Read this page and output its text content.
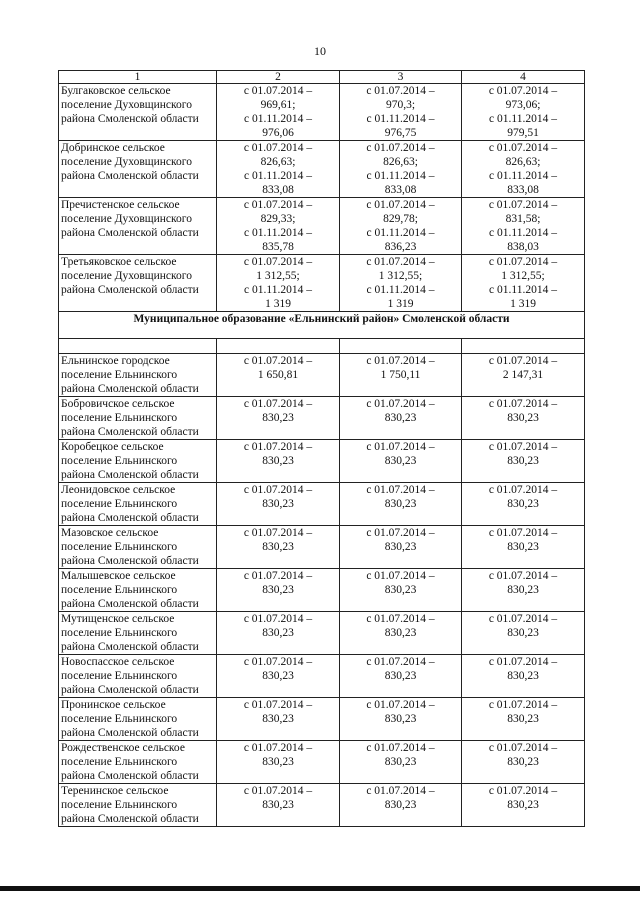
10
1	2	3	4

Булгаковское сельское
поселение Духовщинского
района Смоленской области	с 01.07.2014 –
969,61;
с 01.11.2014 –
976,06	с 01.07.2014 –
970,3;
с 01.11.2014 –
976,75	с 01.07.2014 –
973,06;
с 01.11.2014 –
979,51

Добринское сельское
поселение Духовщинского
района Смоленской области	с 01.07.2014 –
826,63;
с 01.11.2014 –
833,08	с 01.07.2014 –
826,63;
с 01.11.2014 –
833,08	с 01.07.2014 –
826,63;
с 01.11.2014 –
833,08

Пречистенское сельское
поселение Духовщинского
района Смоленской области	с 01.07.2014 –
829,33;
с 01.11.2014 –
835,78	с 01.07.2014 –
829,78;
с 01.11.2014 –
836,23	с 01.07.2014 –
831,58;
с 01.11.2014 –
838,03

Третьяковское сельское
поселение Духовщинского
района Смоленской области	с 01.07.2014 –
1 312,55;
с 01.11.2014 –
1 319	с 01.07.2014 –
1 312,55;
с 01.11.2014 –
1 319	с 01.07.2014 –
1 312,55;
с 01.11.2014 –
1 319

Муниципальное образование «Ельнинский район» Смоленской области			

Ельнинское городское
поселение Ельнинского
района Смоленской области	с 01.07.2014 –
1 650,81	с 01.07.2014 –
1 750,11	с 01.07.2014 –
2 147,31

Бобровичское сельское
поселение Ельнинского
района Смоленской области	с 01.07.2014 –
830,23	с 01.07.2014 –
830,23	с 01.07.2014 –
830,23

Коробецкое сельское
поселение Ельнинского
района Смоленской области	с 01.07.2014 –
830,23	с 01.07.2014 –
830,23	с 01.07.2014 –
830,23

Леонидовское сельское
поселение Ельнинского
района Смоленской области	с 01.07.2014 –
830,23	с 01.07.2014 –
830,23	с 01.07.2014 –
830,23

Мазовское сельское
поселение Ельнинского
района Смоленской области	с 01.07.2014 –
830,23	с 01.07.2014 –
830,23	с 01.07.2014 –
830,23

Малышевское сельское
поселение Ельнинского
района Смоленской области	с 01.07.2014 –
830,23	с 01.07.2014 –
830,23	с 01.07.2014 –
830,23

Мутищенское сельское
поселение Ельнинского
района Смоленской области	с 01.07.2014 –
830,23	с 01.07.2014 –
830,23	с 01.07.2014 –
830,23

Новоспасское сельское
поселение Ельнинского
района Смоленской области	с 01.07.2014 –
830,23	с 01.07.2014 –
830,23	с 01.07.2014 –
830,23

Пронинское сельское
поселение Ельнинского
района Смоленской области	с 01.07.2014 –
830,23	с 01.07.2014 –
830,23	с 01.07.2014 –
830,23

Рождественское сельское
поселение Ельнинского
района Смоленской области	с 01.07.2014 –
830,23	с 01.07.2014 –
830,23	с 01.07.2014 –
830,23

Теренинское сельское
поселение Ельнинского
района Смоленской области	с 01.07.2014 –
830,23	с 01.07.2014 –
830,23	с 01.07.2014 –
830,23
